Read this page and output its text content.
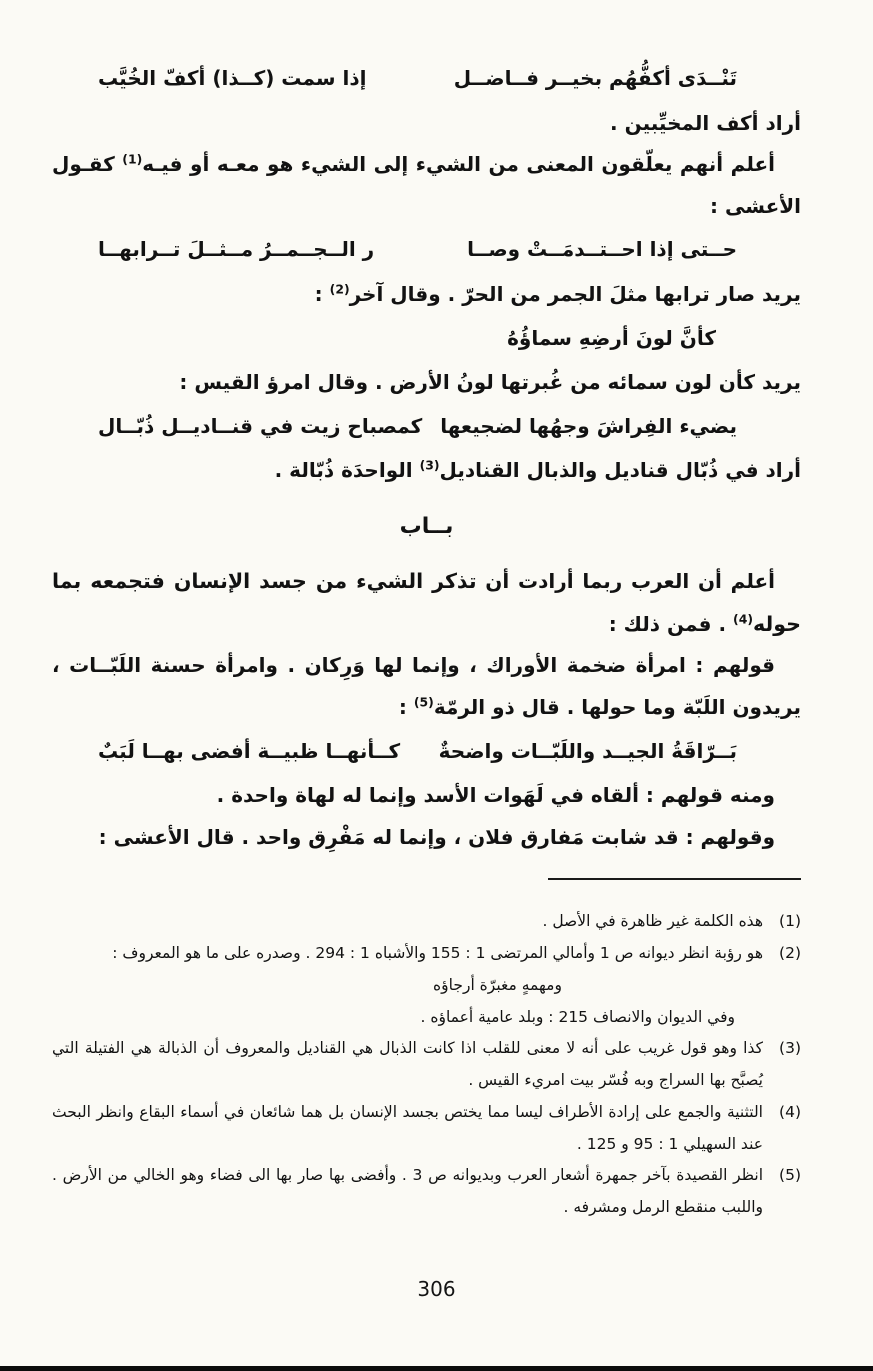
تَنْــدَى أكفُّهُم بخيــر فــاضــل
إذا سمت (كــذا) أكفّ الخُيَّب

أراد أكف المخيِّبين .

أعلم أنهم يعلّقون المعنى من الشيء إلى الشيء هو معـه أو فيـه$^{(1)}$ كقـول الأعشى :

حــتى إذا احــتــدمَــتْ وصــا
ر الــجــمــرُ مــثــلَ تــرابهــا

يريد صار ترابها مثلَ الجمر من الحرّ . وقال آخر$^{(2)}$ :

كأنَّ لونَ أرضِهِ سماؤُهُ

يريد كأن لون سمائه من غُبرتها لونُ الأرض . وقال امرؤ القيس :

يضيء الفِراشَ وجهُها لضجيعها
كمصباح زيت في قنــاديــل ذُبّــال

أراد في ذُبّال قناديل والذبال القناديل$^{(3)}$ الواحدَة ذُبّالة .

بــاب

أعلم أن العرب ربما أرادت أن تذكر الشيء من جسد الإنسان فتجمعه بما حوله$^{(4)}$ . فمن ذلك :

قولهم : امرأة ضخمة الأوراك ، وإنما لها وَرِكان . وامرأة حسنة اللَبّــات ، يريدون اللَبّة وما حولها . قال ذو الرمّة$^{(5)}$ :

بَــرّاقَةُ الجيــد واللَبّــات واضحةٌ
كــأنهــا ظبيــة أفضى بهــا لَبَبٌ

ومنه قولهم : ألقاه في لَهَوات الأسد وإنما له لهاة واحدة .

وقولهم : قد شابت مَفارق فلان ، وإنما له مَفْرِق واحد . قال الأعشى :

(1)
هذه الكلمة غير ظاهرة في الأصل .
(2)
هو رؤبة انظر ديوانه ص 1 وأمالي المرتضى 1 : 155 والأشباه 1 : 294 . وصدره على ما هو المعروف :
ومهمهٍ مغبرّة أرجاؤه
وفي الديوان والانصاف 215 : وبلد عامية أعماؤه .
(3)
كذا وهو قول غريب على أنه لا معنى للقلب اذا كانت الذبال هي القناديل والمعروف أن الذبالة هي الفتيلة التي يُصبَّح بها السراج وبه فُسّر بيت امريء القيس .
(4)
التثنية والجمع على إرادة الأطراف ليسا مما يختص بجسد الإنسان بل هما شائعان في أسماء البقاع وانظر البحث عند السهيلي 1 : 95 و 125 .
(5)
انظر القصيدة بآخر جمهرة أشعار العرب وبديوانه ص 3 . وأفضى بها صار بها الى فضاء وهو الخالي من الأرض . واللبب منقطع الرمل ومشرفه .
306
